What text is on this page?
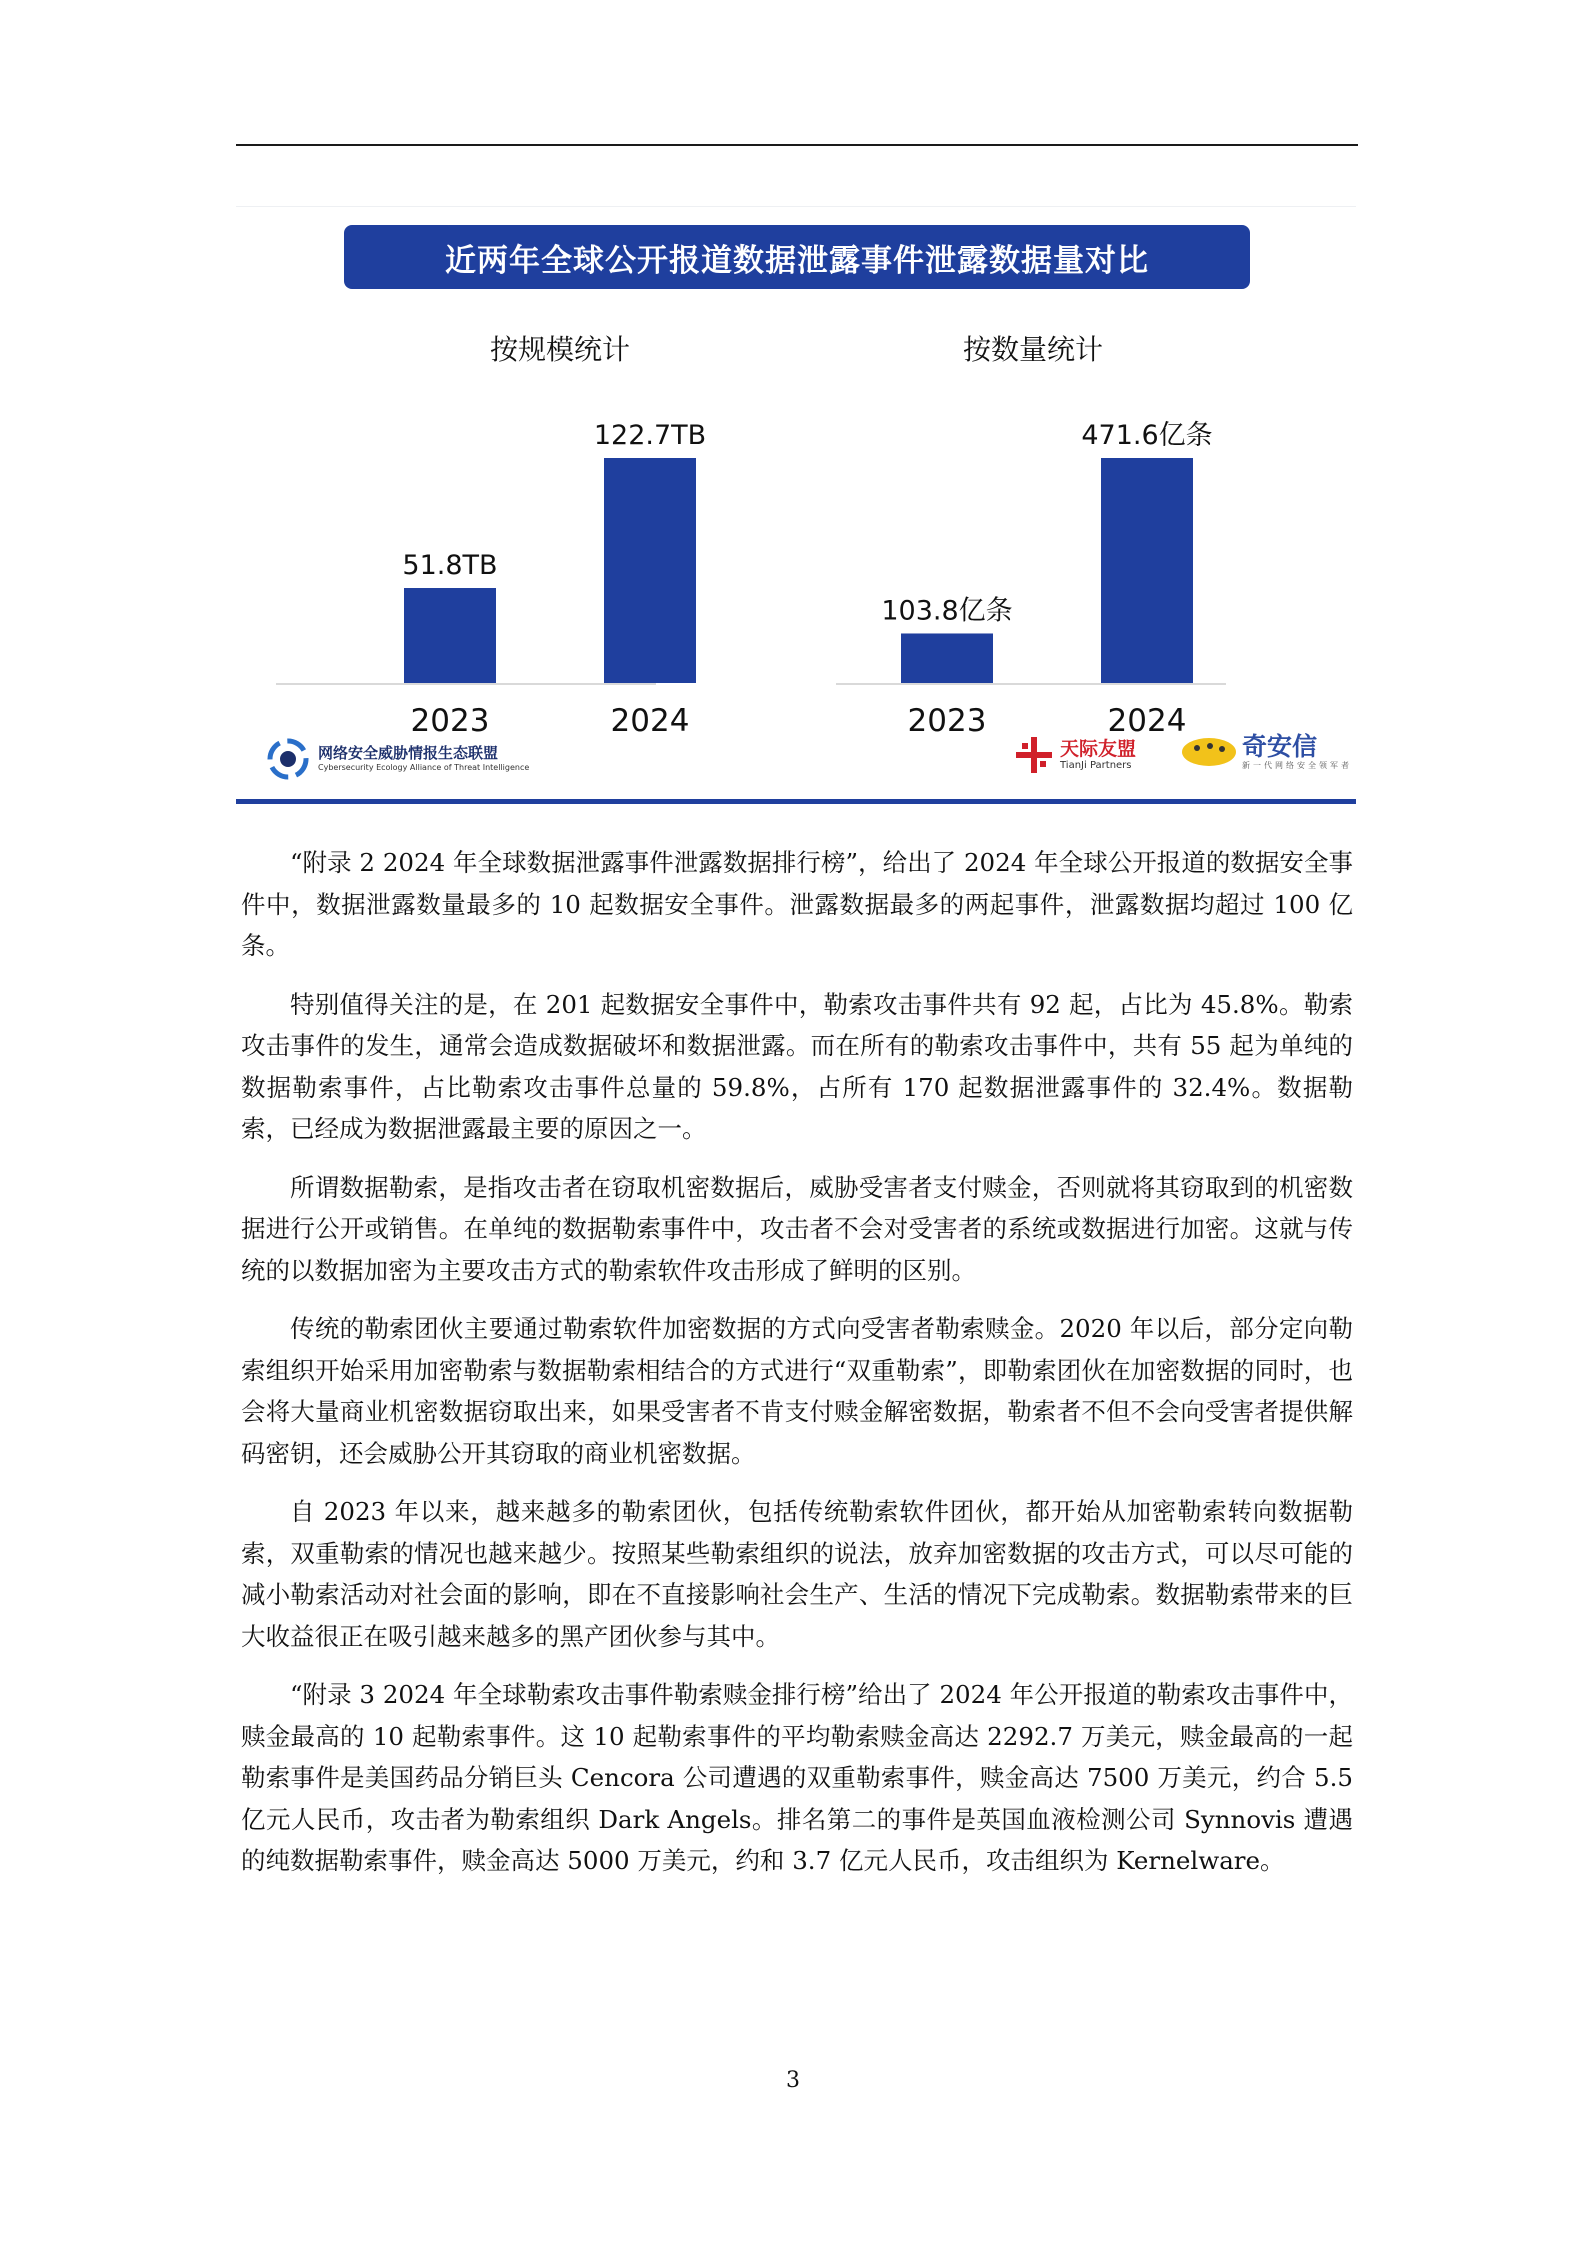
近两年全球公开报道数据泄露事件泄露数据量对比
按规模统计
51.8TB
2023
122.7TB
2024
按数量统计
103.8亿条
2023
471.6亿条
2024
网络安全威胁情报生态联盟
Cybersecurity Ecology Alliance of Threat Intelligence
天际友盟
TianJi Partners
奇安信
新一代网络安全领军者

“附录 2 2024 年全球数据泄露事件泄露数据排行榜”，给出了 2024 年全球公开报道的数据安全事件中，数据泄露数量最多的 10 起数据安全事件。泄露数据最多的两起事件，泄露数据均超过 100 亿条。

特别值得关注的是，在 201 起数据安全事件中，勒索攻击事件共有 92 起，占比为 45.8%。勒索攻击事件的发生，通常会造成数据破坏和数据泄露。而在所有的勒索攻击事件中，共有 55 起为单纯的数据勒索事件，占比勒索攻击事件总量的 59.8%，占所有 170 起数据泄露事件的 32.4%。数据勒索，已经成为数据泄露最主要的原因之一。

所谓数据勒索，是指攻击者在窃取机密数据后，威胁受害者支付赎金，否则就将其窃取到的机密数据进行公开或销售。在单纯的数据勒索事件中，攻击者不会对受害者的系统或数据进行加密。这就与传统的以数据加密为主要攻击方式的勒索软件攻击形成了鲜明的区别。

传统的勒索团伙主要通过勒索软件加密数据的方式向受害者勒索赎金。2020 年以后，部分定向勒索组织开始采用加密勒索与数据勒索相结合的方式进行“双重勒索”，即勒索团伙在加密数据的同时，也会将大量商业机密数据窃取出来，如果受害者不肯支付赎金解密数据，勒索者不但不会向受害者提供解码密钥，还会威胁公开其窃取的商业机密数据。

自 2023 年以来，越来越多的勒索团伙，包括传统勒索软件团伙，都开始从加密勒索转向数据勒索，双重勒索的情况也越来越少。按照某些勒索组织的说法，放弃加密数据的攻击方式，可以尽可能的减小勒索活动对社会面的影响，即在不直接影响社会生产、生活的情况下完成勒索。数据勒索带来的巨大收益很正在吸引越来越多的黑产团伙参与其中。

“附录 3 2024 年全球勒索攻击事件勒索赎金排行榜”给出了 2024 年公开报道的勒索攻击事件中，赎金最高的 10 起勒索事件。这 10 起勒索事件的平均勒索赎金高达 2292.7 万美元，赎金最高的一起勒索事件是美国药品分销巨头 Cencora 公司遭遇的双重勒索事件，赎金高达 7500 万美元，约合 5.5 亿元人民币，攻击者为勒索组织 Dark Angels。排名第二的事件是英国血液检测公司 Synnovis 遭遇的纯数据勒索事件，赎金高达 5000 万美元，约和 3.7 亿元人民币，攻击组织为 Kernelware。

3
